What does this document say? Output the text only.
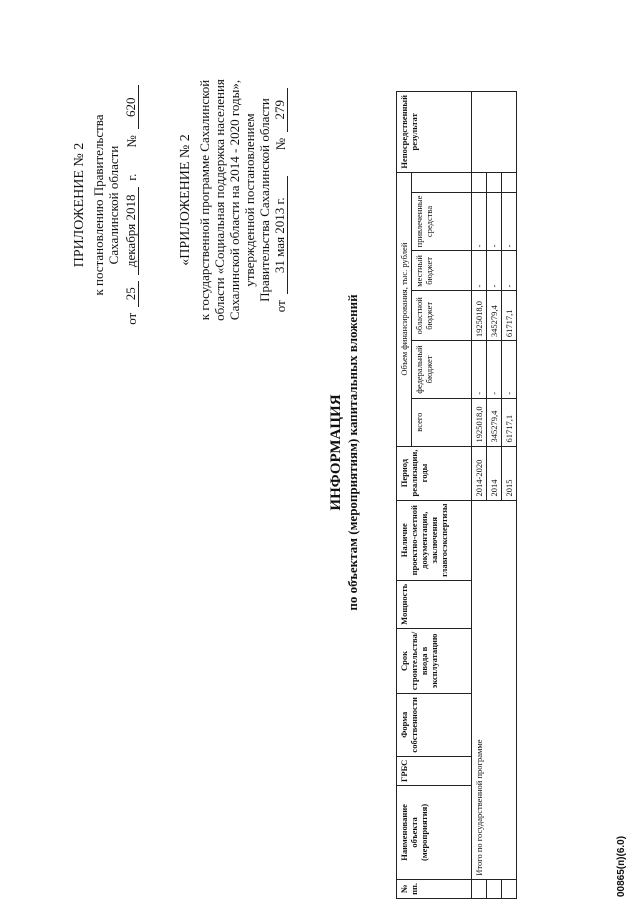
ПРИЛОЖЕНИЕ № 2 к постановлению Правительства Сахалинской области
от
25
декабря 2018
г.
№
620
«ПРИЛОЖЕНИЕ № 2 к государственной программе Сахалинской области «Социальная поддержка населения Сахалинской области на 2014 - 2020 годы», утвержденной постановлением Правительства Сахалинской области
от
31 мая 2013 г.
№
279
ИНФОРМАЦИЯ по объектам (мероприятиям) капитальных вложений
№ пп.	Наименование объекта (мероприятия)	ГРБС	Форма собственности	Срок строительства/ ввода в эксплуатацию	Мощность	Наличие проектно-сметной документации, заключения главгосэкспертизы	Период реализации, годы	Объем финансирования, тыс. рублей						Непосредственный результат
								всего	федеральный бюджет	областной бюджет	местный бюджет	привлеченные средства		
	Итого по государственной программе						2014-2020	1925018,0	-	1925018,0	-	-		
							2014	345279,4	-	345279,4	-	-		
							2015	61717,1	-	61717,1	-	-		
00865(п)(6.0)
